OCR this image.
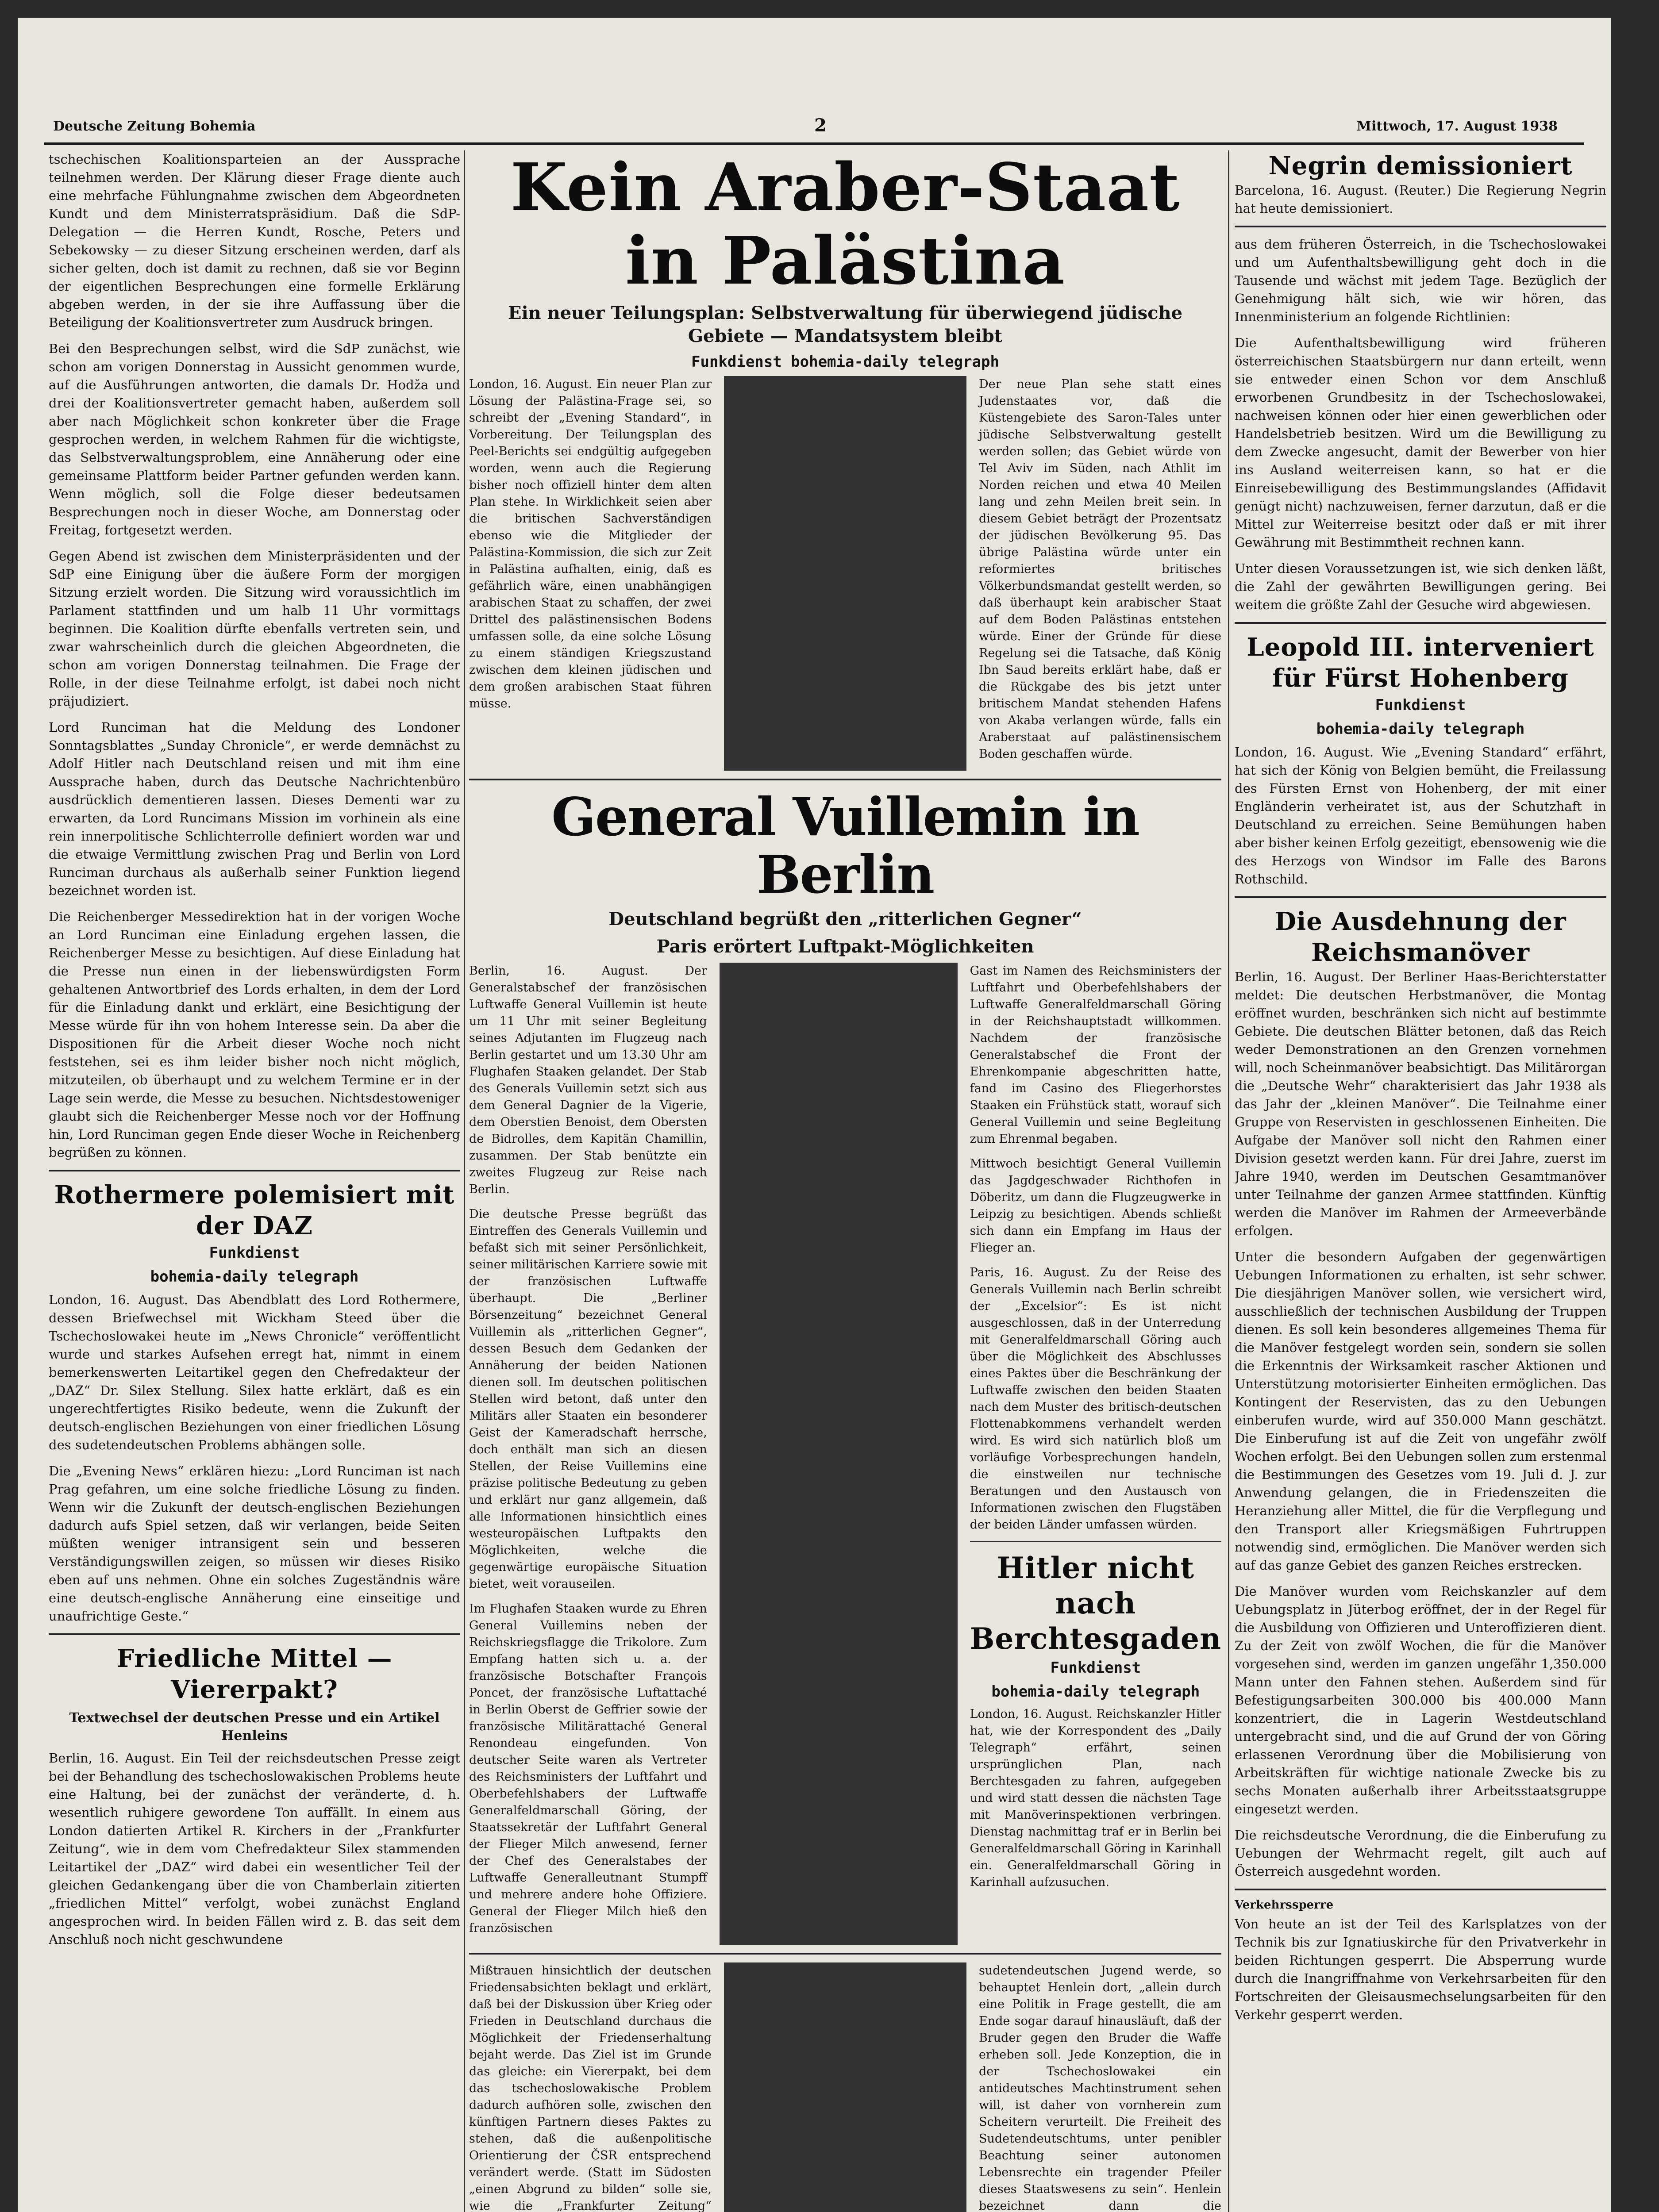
Deutsche Zeitung Bohemia	2	Mittwoch, 17. August 1938

tschechischen Koalitionsparteien an der Aussprache teilnehmen werden. Der Klärung dieser Frage diente auch eine mehrfache Fühlungnahme zwischen dem Abgeordneten Kundt und dem Ministerratspräsidium. Daß die SdP-Delegation — die Herren Kundt, Rosche, Peters und Sebekowsky — zu dieser Sitzung erscheinen werden, darf als sicher gelten, doch ist damit zu rechnen, daß sie vor Beginn der eigentlichen Besprechungen eine formelle Erklärung abgeben werden, in der sie ihre Auffassung über die Beteiligung der Koalitionsvertreter zum Ausdruck bringen.

Bei den Besprechungen selbst, wird die SdP zunächst, wie schon am vorigen Donnerstag in Aussicht genommen wurde, auf die Ausführungen antworten, die damals Dr. Hodža und drei der Koalitionsvertreter gemacht haben, außerdem soll aber nach Möglichkeit schon konkreter über die Frage gesprochen werden, in welchem Rahmen für die wichtigste, das Selbstverwaltungsproblem, eine Annäherung oder eine gemeinsame Plattform beider Partner gefunden werden kann. Wenn möglich, soll die Folge dieser bedeutsamen Besprechungen noch in dieser Woche, am Donnerstag oder Freitag, fortgesetzt werden.

Gegen Abend ist zwischen dem Ministerpräsidenten und der SdP eine Einigung über die äußere Form der morgigen Sitzung erzielt worden. Die Sitzung wird voraussichtlich im Parlament stattfinden und um halb 11 Uhr vormittags beginnen. Die Koalition dürfte ebenfalls vertreten sein, und zwar wahrscheinlich durch die gleichen Abgeordneten, die schon am vorigen Donnerstag teilnahmen. Die Frage der Rolle, in der diese Teilnahme erfolgt, ist dabei noch nicht präjudiziert.

Lord Runciman hat die Meldung des Londoner Sonntagsblattes „Sunday Chronicle“, er werde demnächst zu Adolf Hitler nach Deutschland reisen und mit ihm eine Aussprache haben, durch das Deutsche Nachrichtenbüro ausdrücklich dementieren lassen. Dieses Dementi war zu erwarten, da Lord Runcimans Mission im vorhinein als eine rein innerpolitische Schlichterrolle definiert worden war und die etwaige Vermittlung zwischen Prag und Berlin von Lord Runciman durchaus als außerhalb seiner Funktion liegend bezeichnet worden ist.

Die Reichenberger Messedirektion hat in der vorigen Woche an Lord Runciman eine Einladung ergehen lassen, die Reichenberger Messe zu besichtigen. Auf diese Einladung hat die Presse nun einen in der liebenswürdigsten Form gehaltenen Antwortbrief des Lords erhalten, in dem der Lord für die Einladung dankt und erklärt, eine Besichtigung der Messe würde für ihn von hohem Interesse sein. Da aber die Dispositionen für die Arbeit dieser Woche noch nicht feststehen, sei es ihm leider bisher noch nicht möglich, mitzuteilen, ob überhaupt und zu welchem Termine er in der Lage sein werde, die Messe zu besuchen. Nichtsdestoweniger glaubt sich die Reichenberger Messe noch vor der Hoffnung hin, Lord Runciman gegen Ende dieser Woche in Reichenberg begrüßen zu können.

Rothermere polemisiert mit der DAZ
Funkdienst
bohemia-daily telegraph

London, 16. August. Das Abendblatt des Lord Rothermere, dessen Briefwechsel mit Wickham Steed über die Tschechoslowakei heute im „News Chronicle“ veröffentlicht wurde und starkes Aufsehen erregt hat, nimmt in einem bemerkenswerten Leitartikel gegen den Chefredakteur der „DAZ“ Dr. Silex Stellung. Silex hatte erklärt, daß es ein ungerechtfertigtes Risiko bedeute, wenn die Zukunft der deutsch-englischen Beziehungen von einer friedlichen Lösung des sudetendeutschen Problems abhängen solle.

Die „Evening News“ erklären hiezu: „Lord Runciman ist nach Prag gefahren, um eine solche friedliche Lösung zu finden. Wenn wir die Zukunft der deutsch-englischen Beziehungen dadurch aufs Spiel setzen, daß wir verlangen, beide Seiten müßten weniger intransigent sein und besseren Verständigungswillen zeigen, so müssen wir dieses Risiko eben auf uns nehmen. Ohne ein solches Zugeständnis wäre eine deutsch-englische Annäherung eine einseitige und unaufrichtige Geste.“

Friedliche Mittel — Viererpakt?
Textwechsel der deutschen Presse und ein Artikel Henleins

Berlin, 16. August. Ein Teil der reichsdeutschen Presse zeigt bei der Behandlung des tschechoslowakischen Problems heute eine Haltung, bei der zunächst der veränderte, d. h. wesentlich ruhigere gewordene Ton auffällt. In einem aus London datierten Artikel R. Kirchers in der „Frankfurter Zeitung“, wie in dem vom Chefredakteur Silex stammenden Leitartikel der „DAZ“ wird dabei ein wesentlicher Teil der gleichen Gedankengang über die von Chamberlain zitierten „friedlichen Mittel“ verfolgt, wobei zunächst England angesprochen wird. In beiden Fällen wird z. B. das seit dem Anschluß noch nicht geschwundene

Kein Araber-Staat
in Palästina
Ein neuer Teilungsplan: Selbstverwaltung für überwiegend jüdische Gebiete — Mandatsystem bleibt
Funkdienst bohemia-daily telegraph

London, 16. August. Ein neuer Plan zur Lösung der Palästina-Frage sei, so schreibt der „Evening Standard“, in Vorbereitung. Der Teilungsplan des Peel-Berichts sei endgültig aufgegeben worden, wenn auch die Regierung bisher noch offiziell hinter dem alten Plan stehe. In Wirklichkeit seien aber die britischen Sachverständigen ebenso wie die Mitglieder der Palästina-Kommission, die sich zur Zeit in Palästina aufhalten, einig, daß es gefährlich wäre, einen unabhängigen arabischen Staat zu schaffen, der zwei Drittel des palästinensischen Bodens umfassen solle, da eine solche Lösung zu einem ständigen Kriegszustand zwischen dem kleinen jüdischen und dem großen arabischen Staat führen müsse.

Der neue Plan sehe statt eines Judenstaates vor, daß die Küstengebiete des Saron-Tales unter jüdische Selbstverwaltung gestellt werden sollen; das Gebiet würde von Tel Aviv im Süden, nach Athlit im Norden reichen und etwa 40 Meilen lang und zehn Meilen breit sein. In diesem Gebiet beträgt der Prozentsatz der jüdischen Bevölkerung 95. Das übrige Palästina würde unter ein reformiertes britisches Völkerbundsmandat gestellt werden, so daß überhaupt kein arabischer Staat auf dem Boden Palästinas entstehen würde. Einer der Gründe für diese Regelung sei die Tatsache, daß König Ibn Saud bereits erklärt habe, daß er die Rückgabe des bis jetzt unter britischem Mandat stehenden Hafens von Akaba verlangen würde, falls ein Araberstaat auf palästinensischem Boden geschaffen würde.

General Vuillemin in Berlin
Deutschland begrüßt den „ritterlichen Gegner“
Paris erörtert Luftpakt-Möglichkeiten

Berlin, 16. August. Der Generalstabschef der französischen Luftwaffe General Vuillemin ist heute um 11 Uhr mit seiner Begleitung seines Adjutanten im Flugzeug nach Berlin gestartet und um 13.30 Uhr am Flughafen Staaken gelandet. Der Stab des Generals Vuillemin setzt sich aus dem General Dagnier de la Vigerie, dem Oberstien Benoist, dem Obersten de Bidrolles, dem Kapitän Chamillin, zusammen. Der Stab benützte ein zweites Flugzeug zur Reise nach Berlin.

Die deutsche Presse begrüßt das Eintreffen des Generals Vuillemin und befaßt sich mit seiner Persönlichkeit, seiner militärischen Karriere sowie mit der französischen Luftwaffe überhaupt. Die „Berliner Börsenzeitung“ bezeichnet General Vuillemin als „ritterlichen Gegner“, dessen Besuch dem Gedanken der Annäherung der beiden Nationen dienen soll. Im deutschen politischen Stellen wird betont, daß unter den Militärs aller Staaten ein besonderer Geist der Kameradschaft herrsche, doch enthält man sich an diesen Stellen, der Reise Vuillemins eine präzise politische Bedeutung zu geben und erklärt nur ganz allgemein, daß alle Informationen hinsichtlich eines westeuropäischen Luftpakts den Möglichkeiten, welche die gegenwärtige europäische Situation bietet, weit vorauseilen.

Im Flughafen Staaken wurde zu Ehren General Vuillemins neben der Reichskriegsflagge die Trikolore. Zum Empfang hatten sich u. a. der französische Botschafter François Poncet, der französische Luftattaché in Berlin Oberst de Geffrier sowie der französische Militärattaché General Renondeau eingefunden. Von deutscher Seite waren als Vertreter des Reichsministers der Luftfahrt und Oberbefehlshabers der Luftwaffe Generalfeldmarschall Göring, der Staatssekretär der Luftfahrt General der Flieger Milch anwesend, ferner der Chef des Generalstabes der Luftwaffe Generalleutnant Stumpff und mehrere andere hohe Offiziere. General der Flieger Milch hieß den französischen

Gast im Namen des Reichsministers der Luftfahrt und Oberbefehlshabers der Luftwaffe Generalfeldmarschall Göring in der Reichshauptstadt willkommen. Nachdem der französische Generalstabschef die Front der Ehrenkompanie abgeschritten hatte, fand im Casino des Fliegerhorstes Staaken ein Frühstück statt, worauf sich General Vuillemin und seine Begleitung zum Ehrenmal begaben.

Mittwoch besichtigt General Vuillemin das Jagdgeschwader Richthofen in Döberitz, um dann die Flugzeugwerke in Leipzig zu besichtigen. Abends schließt sich dann ein Empfang im Haus der Flieger an.

Paris, 16. August. Zu der Reise des Generals Vuillemin nach Berlin schreibt der „Excelsior“: Es ist nicht ausgeschlossen, daß in der Unterredung mit Generalfeldmarschall Göring auch über die Möglichkeit des Abschlusses eines Paktes über die Beschränkung der Luftwaffe zwischen den beiden Staaten nach dem Muster des britisch-deutschen Flottenabkommens verhandelt werden wird. Es wird sich natürlich bloß um vorläufige Vorbesprechungen handeln, die einstweilen nur technische Beratungen und den Austausch von Informationen zwischen den Flugstäben der beiden Länder umfassen würden.

Hitler nicht nach
Berchtesgaden
Funkdienst
bohemia-daily telegraph

London, 16. August. Reichskanzler Hitler hat, wie der Korrespondent des „Daily Telegraph“ erfährt, seinen ursprünglichen Plan, nach Berchtesgaden zu fahren, aufgegeben und wird statt dessen die nächsten Tage mit Manöverinspektionen verbringen. Dienstag nachmittag traf er in Berlin bei Generalfeldmarschall Göring in Karinhall ein. Generalfeldmarschall Göring in Karinhall aufzusuchen.

Mißtrauen hinsichtlich der deutschen Friedensabsichten beklagt und erklärt, daß bei der Diskussion über Krieg oder Frieden in Deutschland durchaus die Möglichkeit der Friedenserhaltung bejaht werde. Das Ziel ist im Grunde das gleiche: ein Viererpakt, bei dem das tschechoslowakische Problem dadurch aufhören solle, zwischen den künftigen Partnern dieses Paktes zu stehen, daß die außenpolitische Orientierung der ČSR entsprechend verändert werde. (Statt im Südosten „einen Abgrund zu bilden“ solle sie, wie die „Frankfurter Zeitung“

sudetendeutschen Jugend werde, so behauptet Henlein dort, „allein durch eine Politik in Frage gestellt, die am Ende sogar darauf hinausläuft, daß der Bruder gegen den Bruder die Waffe erheben soll. Jede Konzeption, die in der Tschechoslowakei ein antideutsches Machtinstrument sehen will, ist daher von vornherein zum Scheitern verurteilt. Die Freiheit des Sudetendeutschtums, unter penibler Beachtung seiner autonomen Lebensrechte ein tragender Pfeiler dieses Staatswesens zu sein“. Henlein bezeichnet dann die

Negrin demissioniert

Barcelona, 16. August. (Reuter.) Die Regierung Negrin hat heute demissioniert.

aus dem früheren Österreich, in die Tschechoslowakei und um Aufenthaltsbewilligung geht doch in die Tausende und wächst mit jedem Tage. Bezüglich der Genehmigung hält sich, wie wir hören, das Innenministerium an folgende Richtlinien:

Die Aufenthaltsbewilligung wird früheren österreichischen Staatsbürgern nur dann erteilt, wenn sie entweder einen Schon vor dem Anschluß erworbenen Grundbesitz in der Tschechoslowakei, nachweisen können oder hier einen gewerblichen oder Handelsbetrieb besitzen. Wird um die Bewilligung zu dem Zwecke angesucht, damit der Bewerber von hier ins Ausland weiterreisen kann, so hat er die Einreisebewilligung des Bestimmungslandes (Affidavit genügt nicht) nachzuweisen, ferner darzutun, daß er die Mittel zur Weiterreise besitzt oder daß er mit ihrer Gewährung mit Bestimmtheit rechnen kann.

Unter diesen Voraussetzungen ist, wie sich denken läßt, die Zahl der gewährten Bewilligungen gering. Bei weitem die größte Zahl der Gesuche wird abgewiesen.

Leopold III. interveniert für Fürst Hohenberg
Funkdienst
bohemia-daily telegraph

London, 16. August. Wie „Evening Standard“ erfährt, hat sich der König von Belgien bemüht, die Freilassung des Fürsten Ernst von Hohenberg, der mit einer Engländerin verheiratet ist, aus der Schutzhaft in Deutschland zu erreichen. Seine Bemühungen haben aber bisher keinen Erfolg gezeitigt, ebensowenig wie die des Herzogs von Windsor im Falle des Barons Rothschild.

Die Ausdehnung der Reichsmanöver

Berlin, 16. August. Der Berliner Haas-Berichterstatter meldet: Die deutschen Herbstmanöver, die Montag eröffnet wurden, beschränken sich nicht auf bestimmte Gebiete. Die deutschen Blätter betonen, daß das Reich weder Demonstrationen an den Grenzen vornehmen will, noch Scheinmanöver beabsichtigt. Das Militärorgan die „Deutsche Wehr“ charakterisiert das Jahr 1938 als das Jahr der „kleinen Manöver“. Die Teilnahme einer Gruppe von Reservisten in geschlossenen Einheiten. Die Aufgabe der Manöver soll nicht den Rahmen einer Division gesetzt werden kann. Für drei Jahre, zuerst im Jahre 1940, werden im Deutschen Gesamtmanöver unter Teilnahme der ganzen Armee stattfinden. Künftig werden die Manöver im Rahmen der Armeeverbände erfolgen.

Unter die besondern Aufgaben der gegenwärtigen Uebungen Informationen zu erhalten, ist sehr schwer. Die diesjährigen Manöver sollen, wie versichert wird, ausschließlich der technischen Ausbildung der Truppen dienen. Es soll kein besonderes allgemeines Thema für die Manöver festgelegt worden sein, sondern sie sollen die Erkenntnis der Wirksamkeit rascher Aktionen und Unterstützung motorisierter Einheiten ermöglichen. Das Kontingent der Reservisten, das zu den Uebungen einberufen wurde, wird auf 350.000 Mann geschätzt. Die Einberufung ist auf die Zeit von ungefähr zwölf Wochen erfolgt. Bei den Uebungen sollen zum erstenmal die Bestimmungen des Gesetzes vom 19. Juli d. J. zur Anwendung gelangen, die in Friedenszeiten die Heranziehung aller Mittel, die für die Verpflegung und den Transport aller Kriegsmäßigen Fuhrtruppen notwendig sind, ermöglichen. Die Manöver werden sich auf das ganze Gebiet des ganzen Reiches erstrecken.

Die Manöver wurden vom Reichskanzler auf dem Uebungsplatz in Jüterbog eröffnet, der in der Regel für die Ausbildung von Offizieren und Unteroffizieren dient. Zu der Zeit von zwölf Wochen, die für die Manöver vorgesehen sind, werden im ganzen ungefähr 1,350.000 Mann unter den Fahnen stehen. Außerdem sind für Befestigungsarbeiten 300.000 bis 400.000 Mann konzentriert, die in Lagerin Westdeutschland untergebracht sind, und die auf Grund der von Göring erlassenen Verordnung über die Mobilisierung von Arbeitskräften für wichtige nationale Zwecke bis zu sechs Monaten außerhalb ihrer Arbeitsstaatsgruppe eingesetzt werden.

Die reichsdeutsche Verordnung, die die Einberufung zu Uebungen der Wehrmacht regelt, gilt auch auf Österreich ausgedehnt worden.

Verkehrssperre

Von heute an ist der Teil des Karlsplatzes von der Technik bis zur Ignatiuskirche für den Privatverkehr in beiden Richtungen gesperrt. Die Absperrung wurde durch die Inangriffnahme von Verkehrsarbeiten für den Fortschreiten der Gleisausmechselungsarbeiten für den Verkehr gesperrt werden.
